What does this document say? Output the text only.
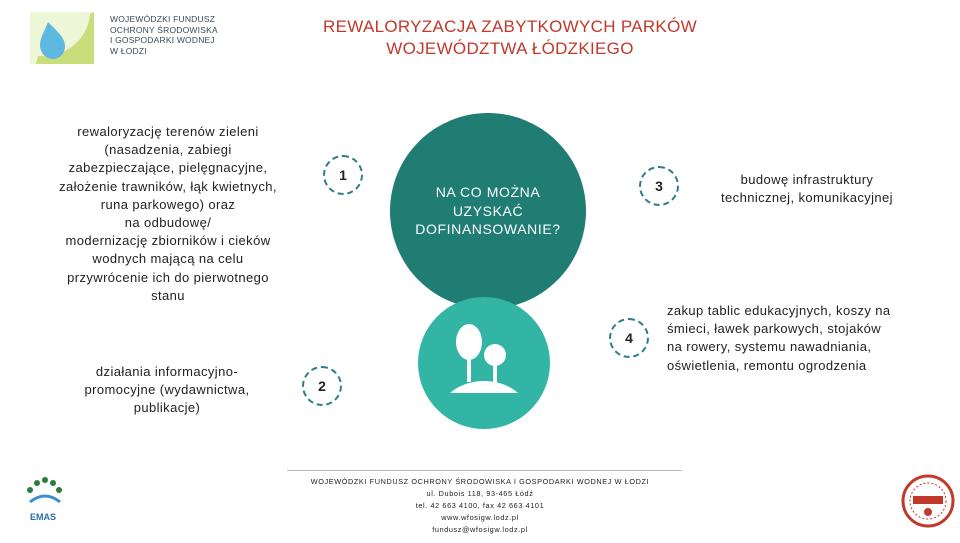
WOJEWÓDZKI FUNDUSZ
OCHRONY ŚRODOWISKA
I GOSPODARKI WODNEJ
W ŁODZI
REWALORYZACJA ZABYTKOWYCH PARKÓW
WOJEWÓDZTWA ŁÓDZKIEGO
rewaloryzację terenów zieleni
(nasadzenia, zabiegi
zabezpieczające, pielęgnacyjne,
założenie trawników, łąk kwietnych,
runa parkowego) oraz
na odbudowę/
modernizację zbiorników i cieków
wodnych mającą na celu
przywrócenie ich do pierwotnego
stanu
1
2
3
4
NA CO MOŻNA
UZYSKAĆ
DOFINANSOWANIE?
działania informacyjno-
promocyjne (wydawnictwa,
publikacje)
budowę infrastruktury
technicznej, komunikacyjnej
zakup tablic edukacyjnych, koszy na
śmieci, ławek parkowych, stojaków
na rowery, systemu nawadniania,
oświetlenia, remontu ogrodzenia
WOJEWÓDZKI FUNDUSZ OCHRONY ŚRODOWISKA I GOSPODARKI WODNEJ W ŁODZI
ul. Dubois 118, 93-465 Łódź
tel. 42 663 4100, fax 42 663 4101
www.wfosigw.lodz.pl
fundusz@wfosigw.lodz.pl
EMAS
